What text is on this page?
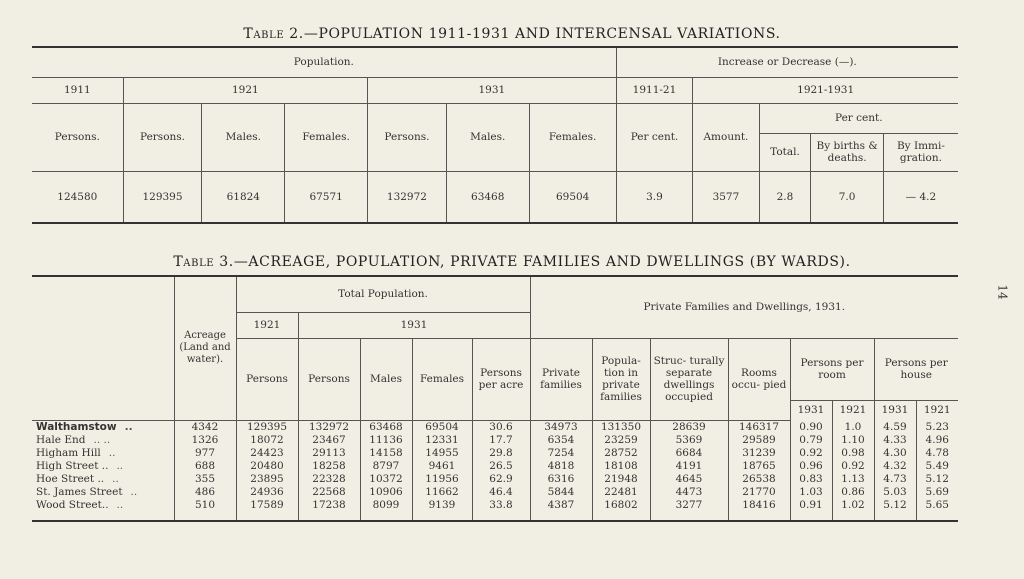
Table 2.—POPULATION 1911-1931 AND INTERCENSAL VARIATIONS.
Population.							Increase or Decrease (—).				
1911	1921			1931			1911-21	1921-1931			
Persons.	Persons.	Males.	Females.	Persons.	Males.	Females.	Per cent.	Amount.	Per cent.		
									Total.	By births & deaths.	By Immi- gration.
124580	129395	61824	67571	132972	63468	69504	3.9	3577	2.8	7.0	— 4.2
Table 3.—ACREAGE, POPULATION, PRIVATE FAMILIES AND DWELLINGS (BY WARDS).
	Acreage (Land and water).	Total Population.					Private Families and Dwellings, 1931.							
		1921	1931											
		Persons	Persons	Males	Females	Persons per acre	Private families	Popula- tion in private families	Struc- turally separate dwellings occupied	Rooms occu- pied	Persons per room		Persons per house	
											1931	1921	1931	1921
Walthamstow ..	4342	129395	132972	63468	69504	30.6	34973	131350	28639	146317	0.90	1.0	4.59	5.23
Hale End .. ..	1326	18072	23467	11136	12331	17.7	6354	23259	5369	29589	0.79	1.10	4.33	4.96
Higham Hill ..	977	24423	29113	14158	14955	29.8	7254	28752	6684	31239	0.92	0.98	4.30	4.78
High Street .. ..	688	20480	18258	8797	9461	26.5	4818	18108	4191	18765	0.96	0.92	4.32	5.49
Hoe Street .. ..	355	23895	22328	10372	11956	62.9	6316	21948	4645	26538	0.83	1.13	4.73	5.12
St. James Street ..	486	24936	22568	10906	11662	46.4	5844	22481	4473	21770	1.03	0.86	5.03	5.69
Wood Street.. ..	510	17589	17238	8099	9139	33.8	4387	16802	3277	18416	0.91	1.02	5.12	5.65

14
